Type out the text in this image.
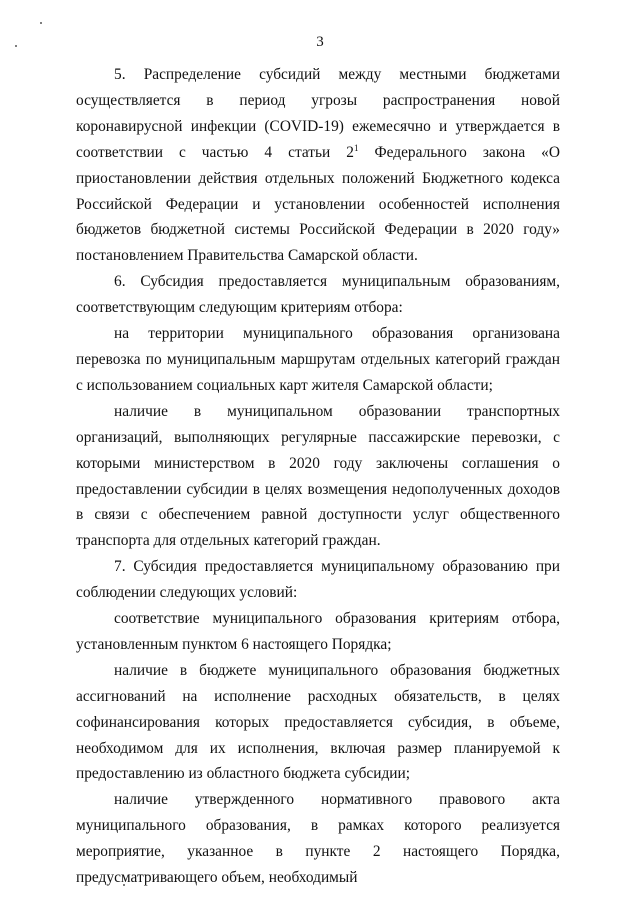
3

5. Распределение субсидий между местными бюджетами осуществляется в период угрозы распространения новой коронавирусной инфекции (COVID-19) ежемесячно и утверждается в соответствии с частью 4 статьи $2^1$ Федерального закона «О приостановлении действия отдельных положений Бюджетного кодекса Российской Федерации и установлении особенностей исполнения бюджетов бюджетной системы Российской Федерации в 2020 году» постановлением Правительства Самарской области.

6. Субсидия предоставляется муниципальным образованиям, соответствующим следующим критериям отбора:

на территории муниципального образования организована перевозка по муниципальным маршрутам отдельных категорий граждан с использованием социальных карт жителя Самарской области;

наличие в муниципальном образовании транспортных организаций, выполняющих регулярные пассажирские перевозки, с которыми министерством в 2020 году заключены соглашения о предоставлении субсидии в целях возмещения недополученных доходов в связи с обеспечением равной доступности услуг общественного транспорта для отдельных категорий граждан.

7. Субсидия предоставляется муниципальному образованию при соблюдении следующих условий:

соответствие муниципального образования критериям отбора, установленным пунктом 6 настоящего Порядка;

наличие в бюджете муниципального образования бюджетных ассигнований на исполнение расходных обязательств, в целях софинансирования которых предоставляется субсидия, в объеме, необходимом для их исполнения, включая размер планируемой к предоставлению из областного бюджета субсидии;

наличие утвержденного нормативного правового акта муниципального образования, в рамках которого реализуется мероприятие, указанное в пункте 2 настоящего Порядка, предусматривающего объем, необходимый
